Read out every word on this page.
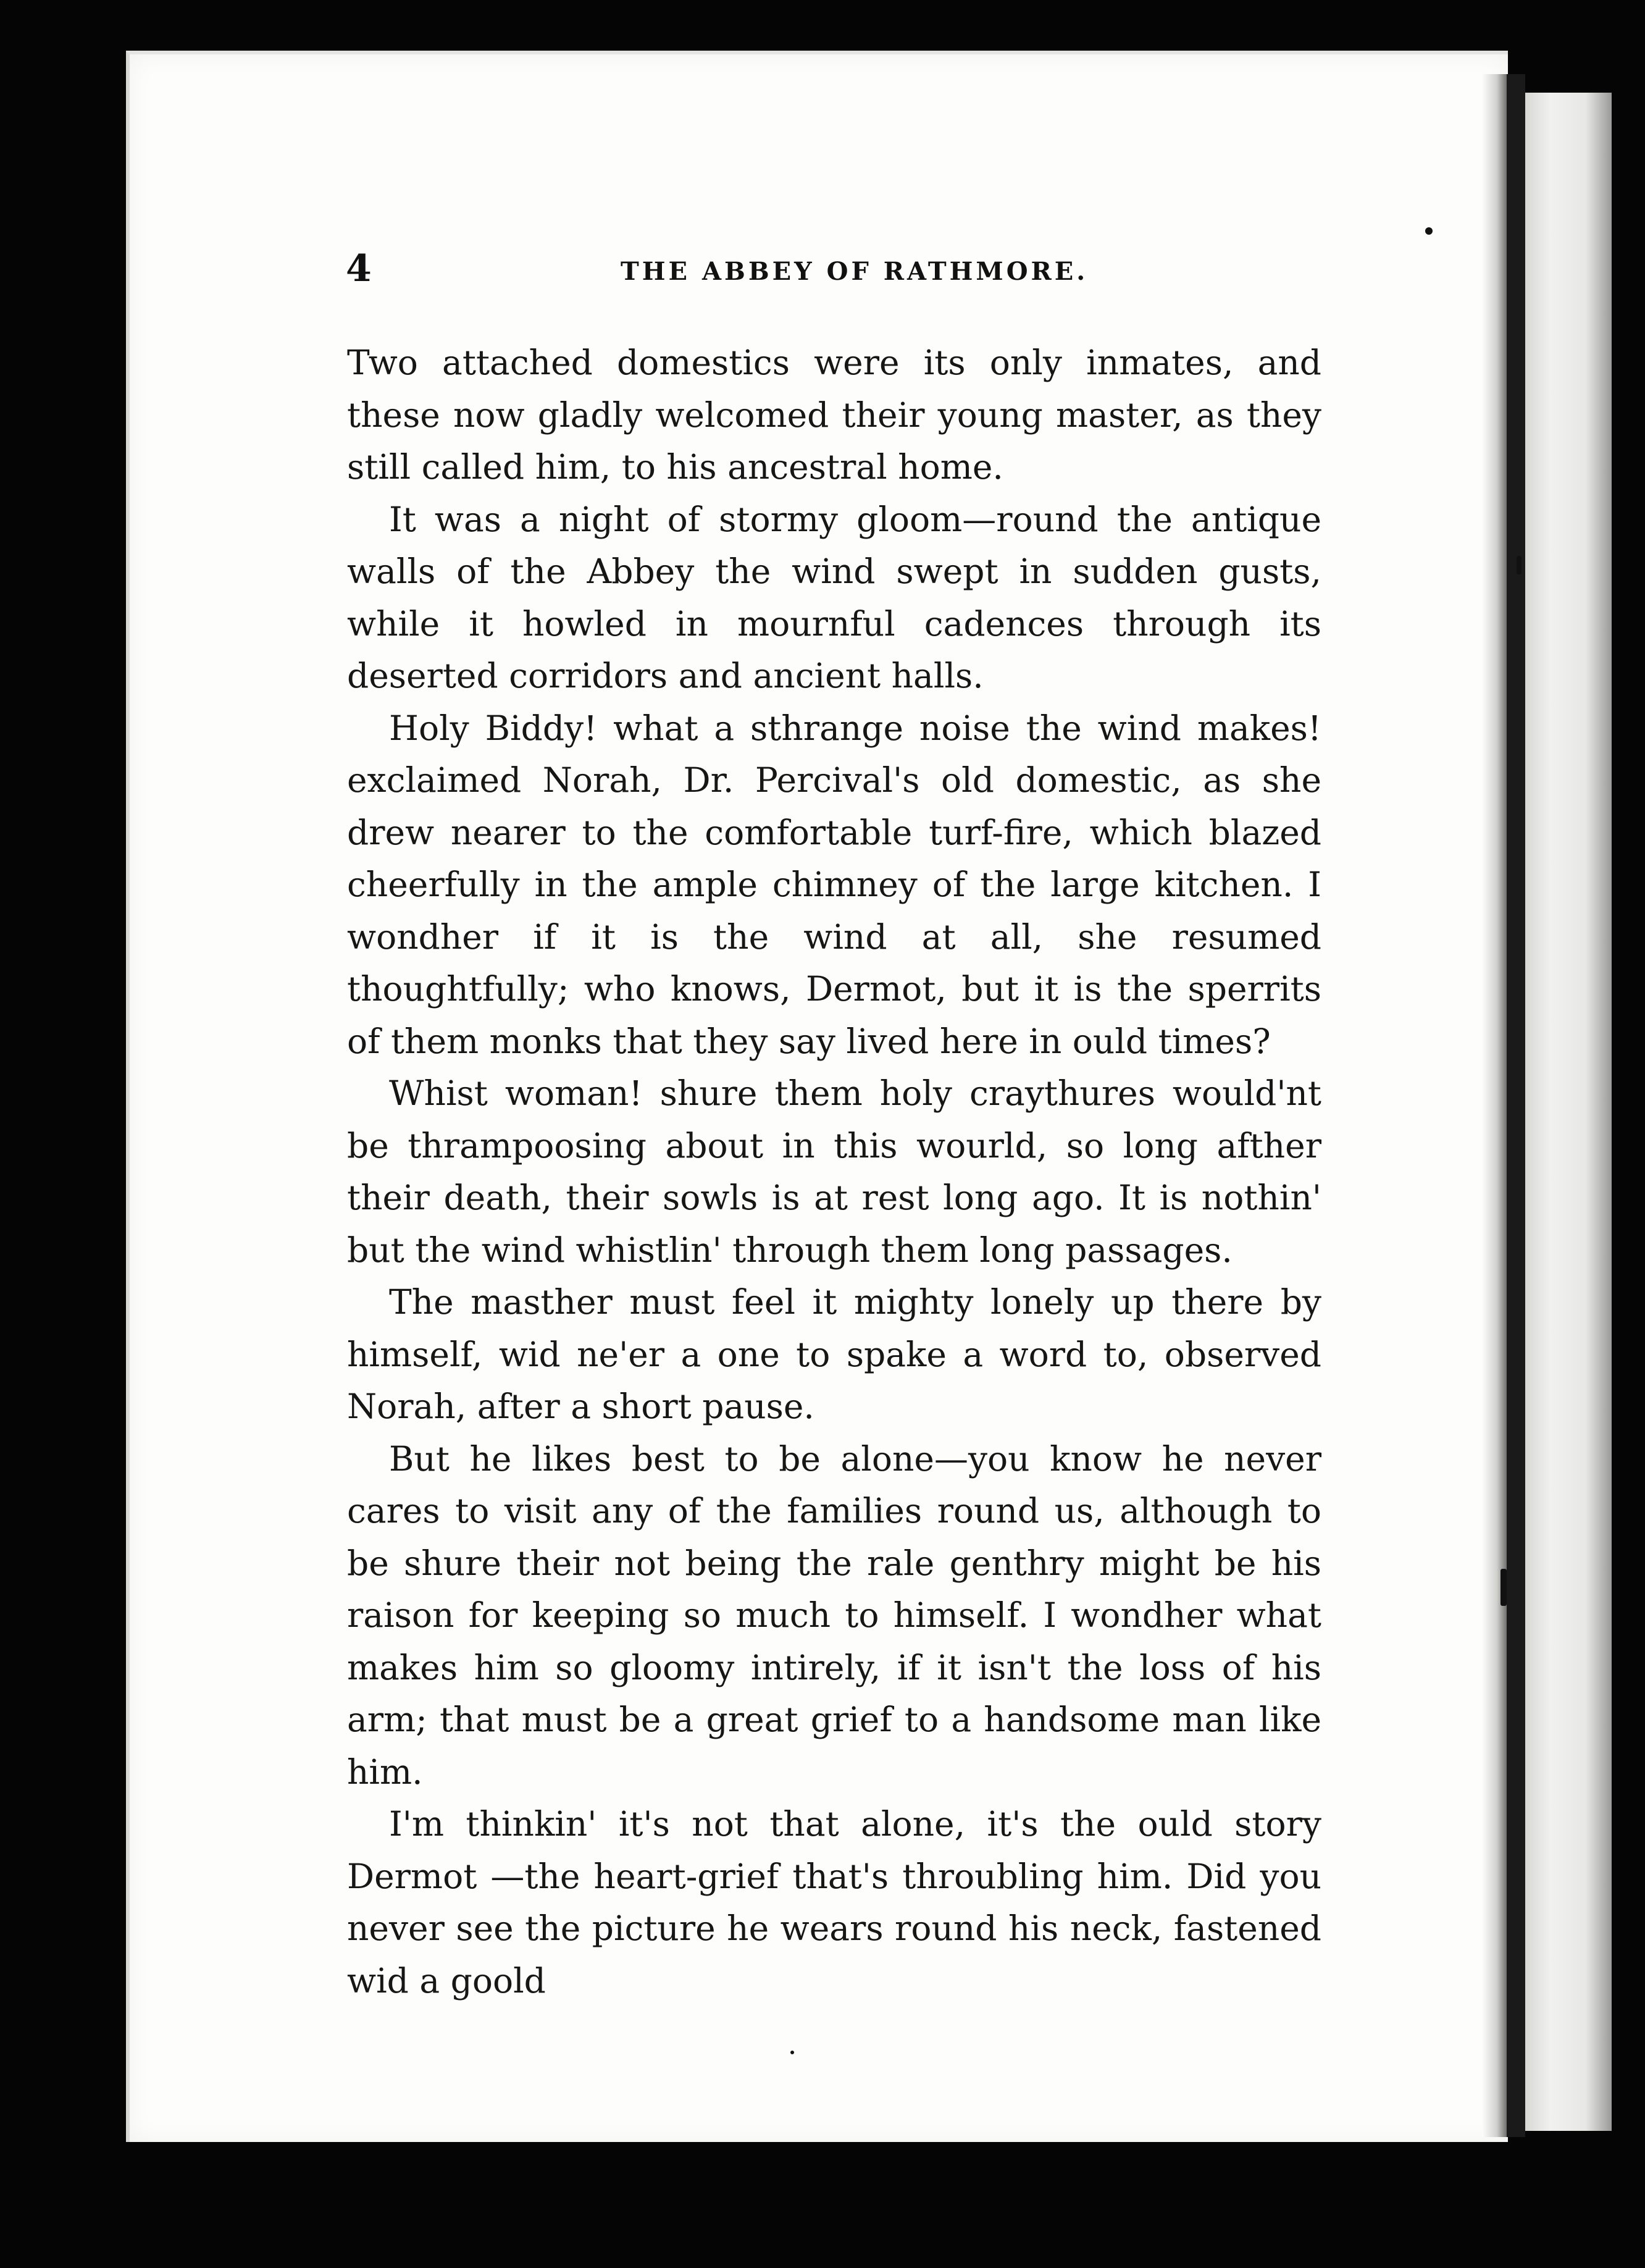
4	THE ABBEY OF RATHMORE.

Two attached domestics were its only inmates, and these now gladly welcomed their young master, as they still called him, to his ancestral home.

It was a night of stormy gloom—round the antique walls of the Abbey the wind swept in sudden gusts, while it howled in mournful cadences through its deserted corridors and ancient halls.

Holy Biddy! what a sthrange noise the wind makes! exclaimed Norah, Dr. Percival's old domestic, as she drew nearer to the comfortable turf-fire, which blazed cheerfully in the ample chimney of the large kitchen. I wondher if it is the wind at all, she resumed thoughtfully; who knows, Dermot, but it is the sperrits of them monks that they say lived here in ould times?

Whist woman! shure them holy craythures would'nt be thrampoosing about in this wourld, so long afther their death, their sowls is at rest long ago. It is nothin' but the wind whistlin' through them long passages.

The masther must feel it mighty lonely up there by himself, wid ne'er a one to spake a word to, observed Norah, after a short pause.

But he likes best to be alone—you know he never cares to visit any of the families round us, although to be shure their not being the rale genthry might be his raison for keeping so much to himself. I wondher what makes him so gloomy intirely, if it isn't the loss of his arm; that must be a great grief to a handsome man like him.

I'm thinkin' it's not that alone, it's the ould story Dermot —the heart-grief that's throubling him. Did you never see the picture he wears round his neck, fastened wid a goold
